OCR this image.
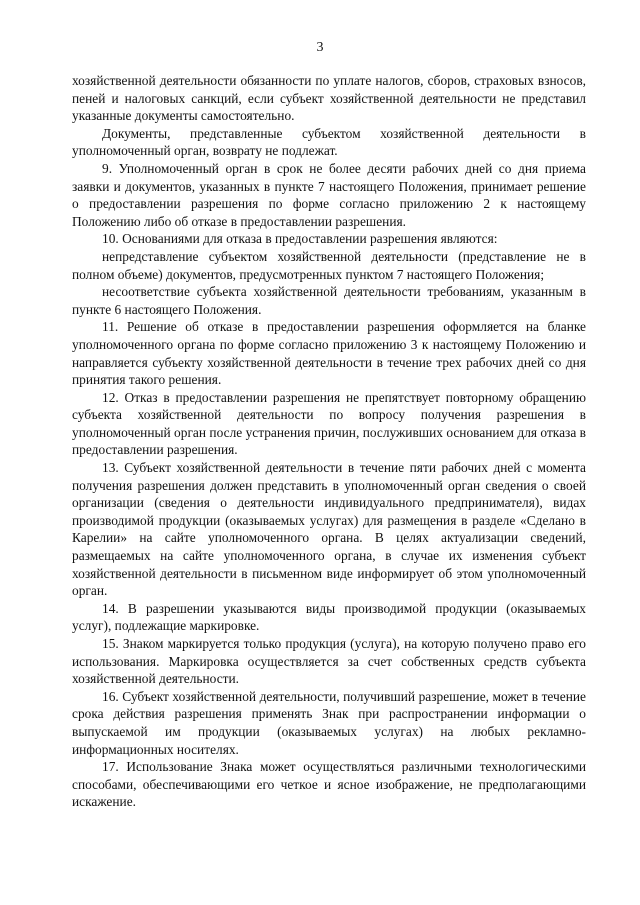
3

хозяйственной деятельности обязанности по уплате налогов, сборов, страховых взносов, пеней и налоговых санкций, если субъект хозяйственной деятельности не представил указанные документы самостоятельно.

Документы, представленные субъектом хозяйственной деятельности в уполномоченный орган, возврату не подлежат.

9. Уполномоченный орган в срок не более десяти рабочих дней со дня приема заявки и документов, указанных в пункте 7 настоящего Положения, принимает решение о предоставлении разрешения по форме согласно приложению 2 к настоящему Положению либо об отказе в предоставлении разрешения.

10. Основаниями для отказа в предоставлении разрешения являются:

непредставление субъектом хозяйственной деятельности (представление не в полном объеме) документов, предусмотренных пунктом 7 настоящего Положения;

несоответствие субъекта хозяйственной деятельности требованиям, указанным в пункте 6 настоящего Положения.

11. Решение об отказе в предоставлении разрешения оформляется на бланке уполномоченного органа по форме согласно приложению 3 к настоящему Положению и направляется субъекту хозяйственной деятельности в течение трех рабочих дней со дня принятия такого решения.

12. Отказ в предоставлении разрешения не препятствует повторному обращению субъекта хозяйственной деятельности по вопросу получения разрешения в уполномоченный орган после устранения причин, послуживших основанием для отказа в предоставлении разрешения.

13. Субъект хозяйственной деятельности в течение пяти рабочих дней с момента получения разрешения должен представить в уполномоченный орган сведения о своей организации (сведения о деятельности индивидуального предпринимателя), видах производимой продукции (оказываемых услугах) для размещения в разделе «Сделано в Карелии» на сайте уполномоченного органа. В целях актуализации сведений, размещаемых на сайте уполномоченного органа, в случае их изменения субъект хозяйственной деятельности в письменном виде информирует об этом уполномоченный орган.

14. В разрешении указываются виды производимой продукции (оказываемых услуг), подлежащие маркировке.

15. Знаком маркируется только продукция (услуга), на которую получено право его использования. Маркировка осуществляется за счет собственных средств субъекта хозяйственной деятельности.

16. Субъект хозяйственной деятельности, получивший разрешение, может в течение срока действия разрешения применять Знак при распространении информации о выпускаемой им продукции (оказываемых услугах) на любых рекламно-информационных носителях.

17. Использование Знака может осуществляться различными технологическими способами, обеспечивающими его четкое и ясное изображение, не предполагающими искажение.
